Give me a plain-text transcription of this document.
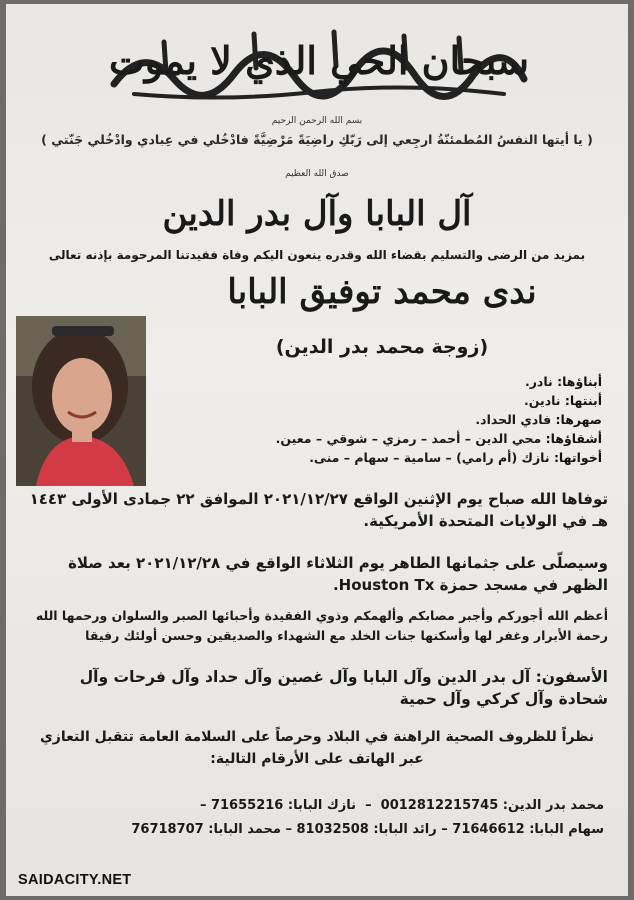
سبحان الحي الذي لا يموت
بسم الله الرحمن الرحيم
( يا أيتها النفسُ المُطمئنّةُ ارجِعي إلى رَبّكِ راضِيَةً مَرْضِيَّةً فادْخُلي في عِبادي وادْخُلي جَنّتي )
صدق الله العظيم
آل البابا وآل بدر الدين
بمزيد من الرضى والتسليم بقضاء الله وقدره ينعون اليكم وفاة فقيدتنا المرحومة بإذنه تعالى
ندى محمد توفيق البابا
(زوجة محمد بدر الدين)
أبناؤها: نادر.
أبنتها: نادين.
صهرها: فادي الحداد.
أشقاؤها: محي الدين – أحمد – رمزي – شوقي – معين.
أخواتها: نازك (أم رامي) – سامية – سهام – منى.
توفاها الله صباح يوم الإثنين الواقع ٢٠٢١/١٢/٢٧ الموافق ٢٢ جمادى الأولى ١٤٤٣ هـ في الولايات المتحدة الأمريكية.
وسيصلّى على جثمانها الطاهر يوم الثلاثاء الواقع في ٢٠٢١/١٢/٢٨ بعد صلاة الظهر في مسجد حمزة Houston Tx.
أعظم الله أجوركم وأجبر مصابكم وألهمكم وذوي الفقيدة وأحبائها الصبر والسلوان ورحمها الله رحمة الأبرار وغفر لها وأسكنها جنات الخلد مع الشهداء والصديقين وحسن أولئك رفيقا
الأسفون: آل بدر الدين وآل البابا وآل غصين وآل حداد وآل فرحات وآل شحادة وآل كركي وآل حمية
نظراً للظروف الصحية الراهنة في البلاد وحرصاً على السلامة العامة تتقبل التعازي عبر الهاتف على الأرقام التالية:
محمد بدر الدين: 0012812215745  –  نازك البابا: 71655216 –
سهام البابا: 71646612 – رائد البابا: 81032508 – محمد البابا: 76718707
SAIDACITY.NET
